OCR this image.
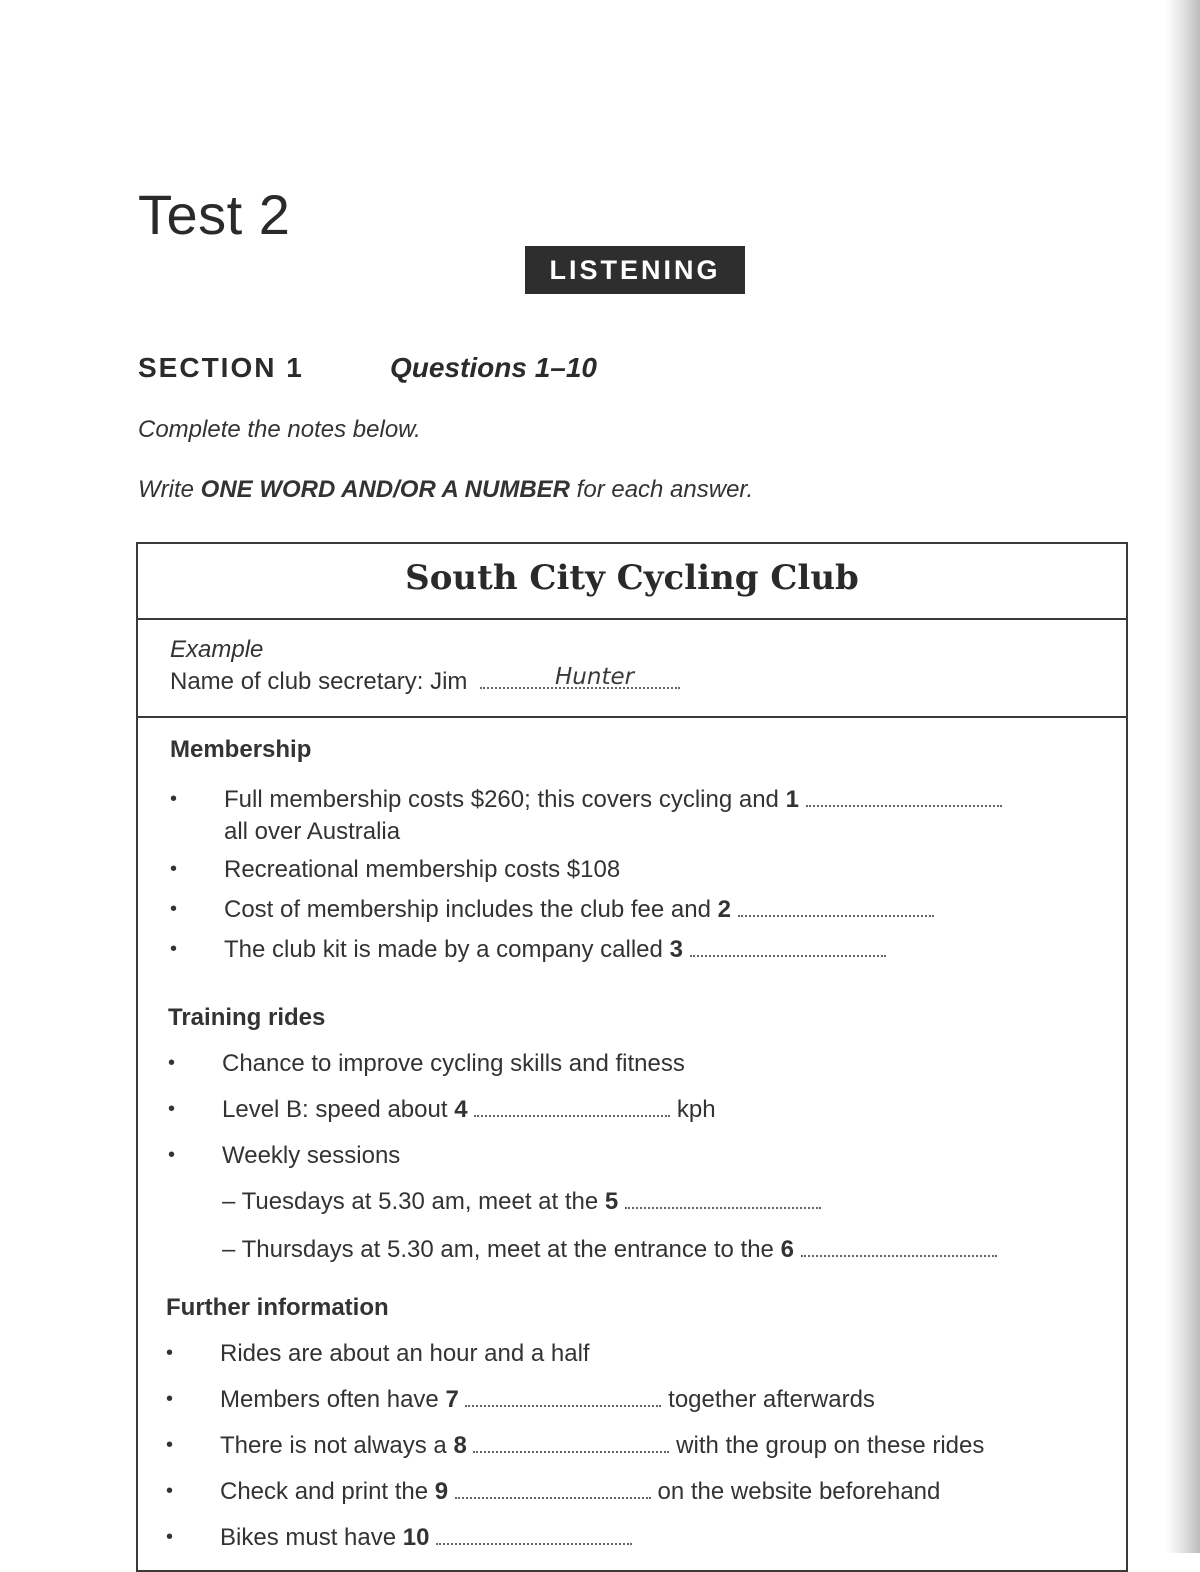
Test 2
LISTENING
SECTION 1	Questions 1–10
Complete the notes below.
Write ONE WORD AND/OR A NUMBER for each answer.
South City Cycling Club
Example
Name of club secretary: Jim	Hunter
Membership
• Full membership costs $260; this covers cycling and 1
all over Australia
• Recreational membership costs $108
• Cost of membership includes the club fee and 2
• The club kit is made by a company called 3
Training rides
• Chance to improve cycling skills and fitness
• Level B: speed about 4	kph
• Weekly sessions
– Tuesdays at 5.30 am, meet at the 5
– Thursdays at 5.30 am, meet at the entrance to the 6
Further information
• Rides are about an hour and a half
• Members often have 7	together afterwards
• There is not always a 8	with the group on these rides
• Check and print the 9	on the website beforehand
• Bikes must have 10
